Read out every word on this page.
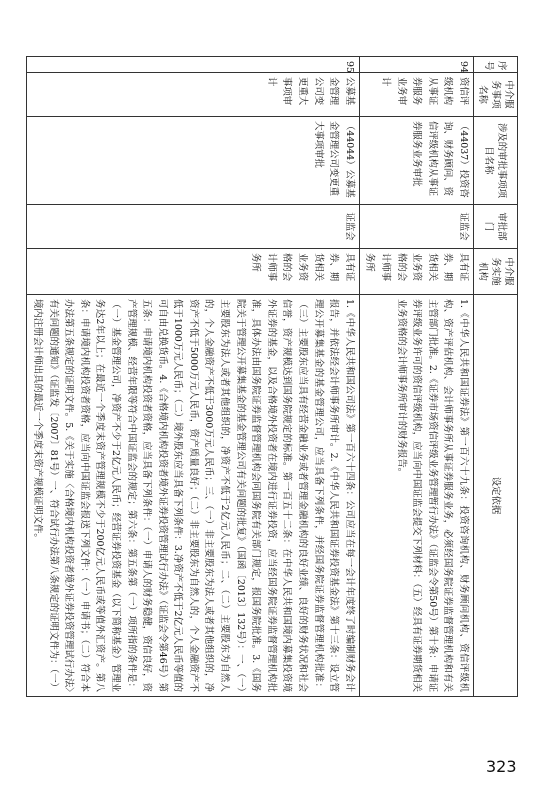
序号	中介服务事项名称	涉及的审批事项项目名称	审批部门	中介服务实施机构	设定依据
94	资信评级机构从事证券服务业务审计	（44037）投资咨询、财务顾问、资信评级机构从事证券服务业务审批	证监会	具有证券、期货相关业务资格的会计师事务所	1.《中华人民共和国证券法》第一百六十九条：投资咨询机构、财务顾问机构、资信评级机构、资产评估机构、会计师事务所从事证券服务业务，必须经国务院证券监督管理机构和有关主管部门批准。2.《证券市场资信评级业务管理暂行办法》（证监会令第50号）第十条：申请证券评级业务许可的资信评级机构，应当向中国证监会提交下列材料：（五）经具有证券期货相关业务资格的会计师事务所审计的财务报告。
95	公募基金管理公司变更重大事项审计	（44044）公募基金管理公司变更重大事项审批	证监会	具有证券、期货相关业务资格的会计师事务所	1.《中华人民共和国公司法》第一百六十四条：公司应当在每一会计年度终了时编制财务会计报告，并依法经会计师事务所审计。2.《中华人民共和国证券投资基金法》第十三条：设立管理公开募集基金的基金管理公司，应当具备下列条件，并经国务院证券监督管理机构批准：（三）主要股东应当具有经营金融业务或者管理金融机构的良好业绩、良好的财务状况和社会信誉，资产规模达到国务院规定的标准。第一百五十二条：在中华人民共和国境内募集投资境外证券的基金，以及合格境外投资者在境内进行证券投资，应当经国务院证券监督管理机构批准，具体办法由国务院证券监督管理机构会同国务院有关部门规定，报国务院批准。3.《国务院关于管理公开募集基金的基金管理公司有关问题的批复》（国函〔2013〕132号）：一、（一）主要股东为法人或者其他组织的，净资产不低于2亿元人民币；二、（二）主要股东为自然人的，个人金融资产不低于3000万元人民币；三、（一）非主要股东为法人或者其他组织的，净资产不低于5000万元人民币，资产质量良好；（二）非主要股东为自然人的，个人金融资产不低于1000万元人民币；（二）境外股东应当具备下列条件：3.净资产不低于2亿元人民币等值的可自由兑换货币。4.《合格境内机构投资者境外证券投资管理试行办法》（证监会令第46号）第五条：申请境内机构投资者资格，应当具备下列条件：（一）申请人的财务稳健，资信良好，资产管理规模、经营年限等符合中国证监会的规定；第六条：第五条第（一）项所指的条件是：（一）基金管理公司，净资产不少于2亿元人民币；经营证券投资基金（以下简称基金）管理业务达2年以上；在最近一个季度末资产管理规模不少于200亿元人民币或等值外汇资产。第八条：申请境内机构投资者资格，应当向中国证监会报送下列文件：（一）申请书；（二）符合本办法第五条规定的证明文件。5.《关于实施〈合格境内机构投资者境外证券投资管理试行办法〉有关问题的通知》（证监发〔2007〕81号）一、符合试行办法第八条规定的证明文件为：（一）境内注册会计师出具的最近一个季度末资产规模证明文件。
323
